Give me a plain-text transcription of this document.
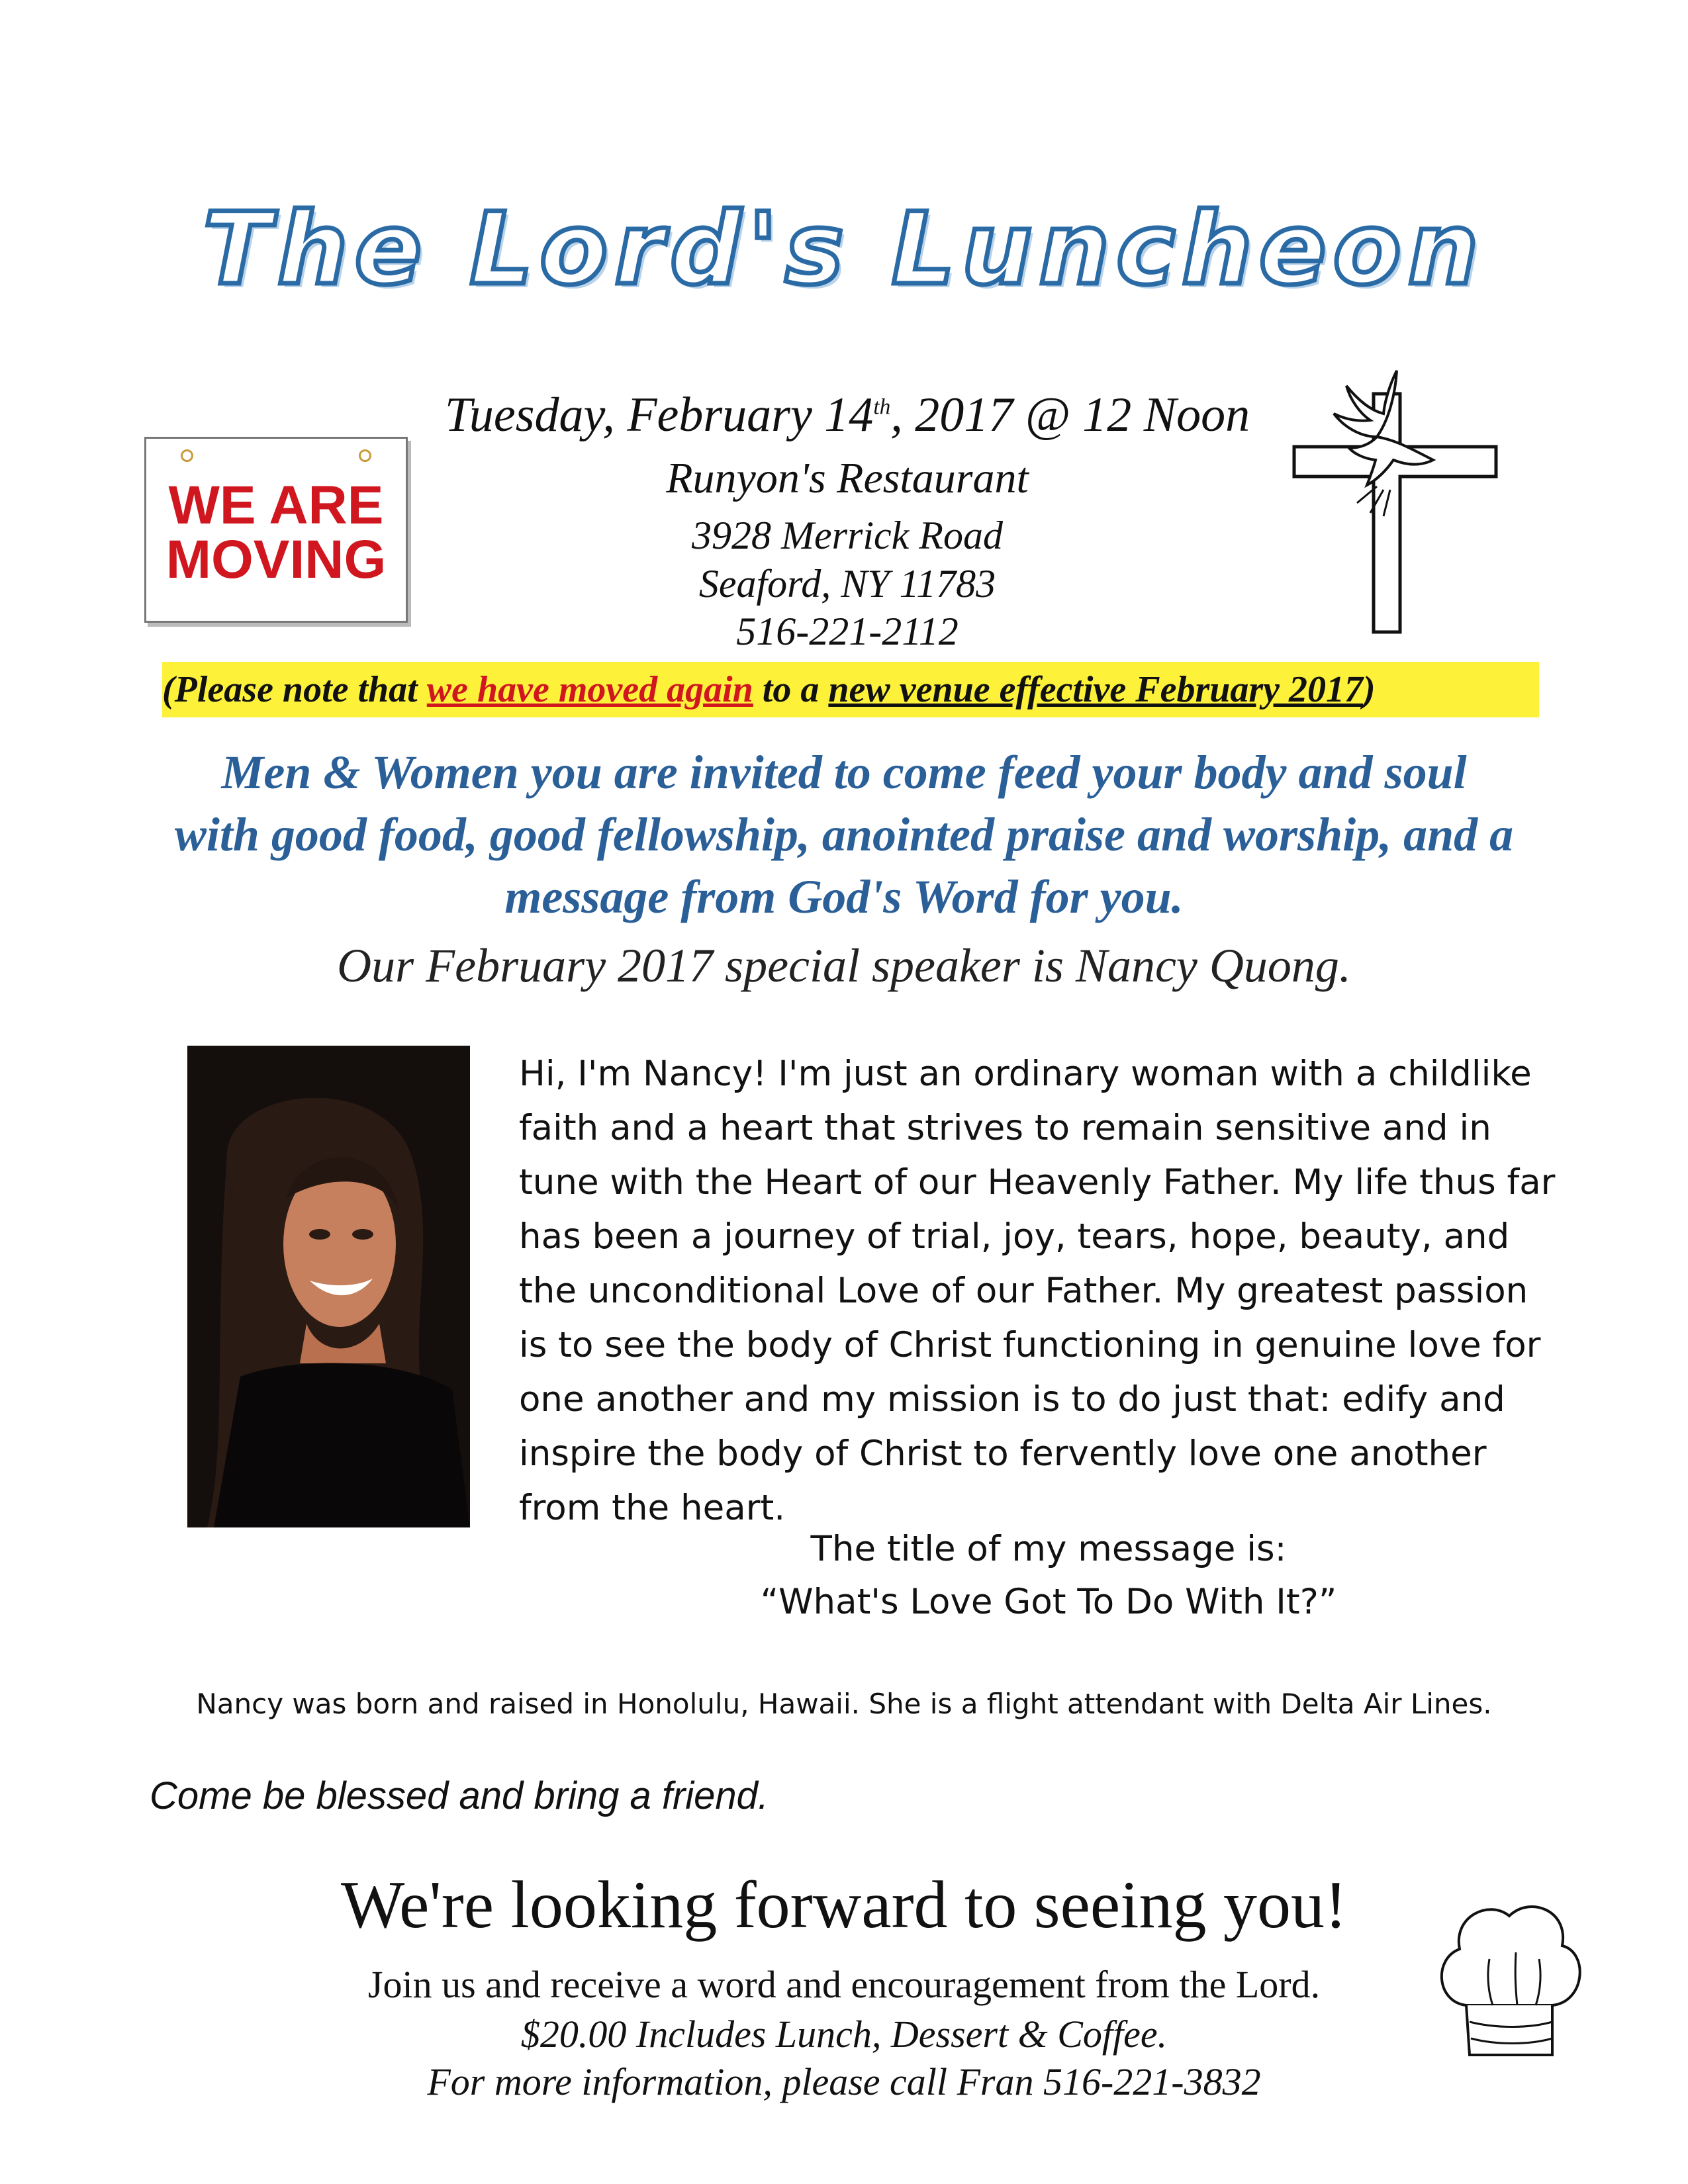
The Lord's Luncheon
WE ARE
MOVING
Tuesday, February 14th, 2017 @ 12 Noon
Runyon's Restaurant
3928 Merrick Road
Seaford, NY 11783
516-221-2112
(Please note that we have moved again to a new venue effective February 2017)
Men & Women you are invited to come feed your body and soul
with good food, good fellowship, anointed praise and worship, and a
message from God's Word for you.
Our February 2017 special speaker is Nancy Quong.
Hi, I'm Nancy! I'm just an ordinary woman with a childlike
faith and a heart that strives to remain sensitive and in
tune with the Heart of our Heavenly Father. My life thus far
has been a journey of trial, joy, tears, hope, beauty, and
the unconditional Love of our Father. My greatest passion
is to see the body of Christ functioning in genuine love for
one another and my mission is to do just that: edify and
inspire the body of Christ to fervently love one another
from the heart.
The title of my message is:
“What's Love Got To Do With It?”
Nancy was born and raised in Honolulu, Hawaii. She is a flight attendant with Delta Air Lines.
Come be blessed and bring a friend.
We're looking forward to seeing you!
Join us and receive a word and encouragement from the Lord.
$20.00 Includes Lunch, Dessert & Coffee.
For more information, please call Fran 516-221-3832
